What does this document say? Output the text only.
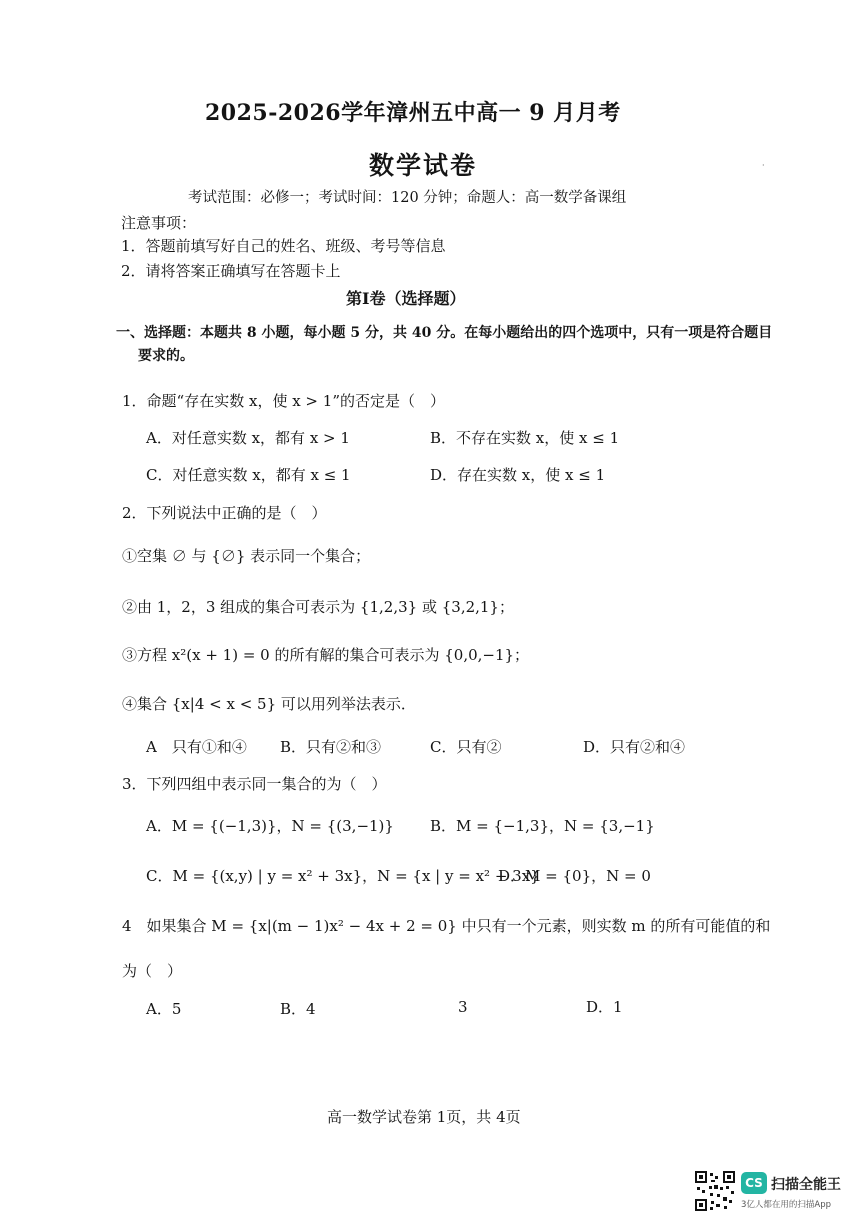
2025-2026学年漳州五中高一 9 月月考
数学试卷
考试范围：必修一；考试时间：120 分钟；命题人：高一数学备课组
·
注意事项：
1．答题前填写好自己的姓名、班级、考号等信息
2．请将答案正确填写在答题卡上
第Ⅰ卷（选择题）
一、选择题：本题共 8 小题，每小题 5 分，共 40 分。在每小题给出的四个选项中，只有一项是符合题目
要求的。
1．命题“存在实数 x，使 x > 1”的否定是（　）
A．对任意实数 x，都有 x > 1	B．不存在实数 x，使 x ≤ 1
C．对任意实数 x，都有 x ≤ 1	D．存在实数 x，使 x ≤ 1
2．下列说法中正确的是（　）
①空集 ∅ 与 {∅} 表示同一个集合；
②由 1，2，3 组成的集合可表示为 {1,2,3} 或 {3,2,1}；
③方程 x²(x + 1) = 0 的所有解的集合可表示为 {0,0,−1}；
④集合 {x|4 < x < 5} 可以用列举法表示．
A　只有①和④ B．只有②和③	C．只有②	D．只有②和④
3．下列四组中表示同一集合的为（　）
A．M = {(−1,3)}，N = {(3,−1)} B．M = {−1,3}，N = {3,−1}
C．M = {(x,y) | y = x² + 3x}，N = {x | y = x² + 3x}
D．M = {0}，N = 0
4　如果集合 M = {x|(m − 1)x² − 4x + 2 = 0} 中只有一个元素，则实数 m 的所有可能值的和
为（　）
A．5	B．4	3	D．1
高一数学试卷第 1页，共 4页
CS 扫描全能王
3亿人都在用的扫描App
